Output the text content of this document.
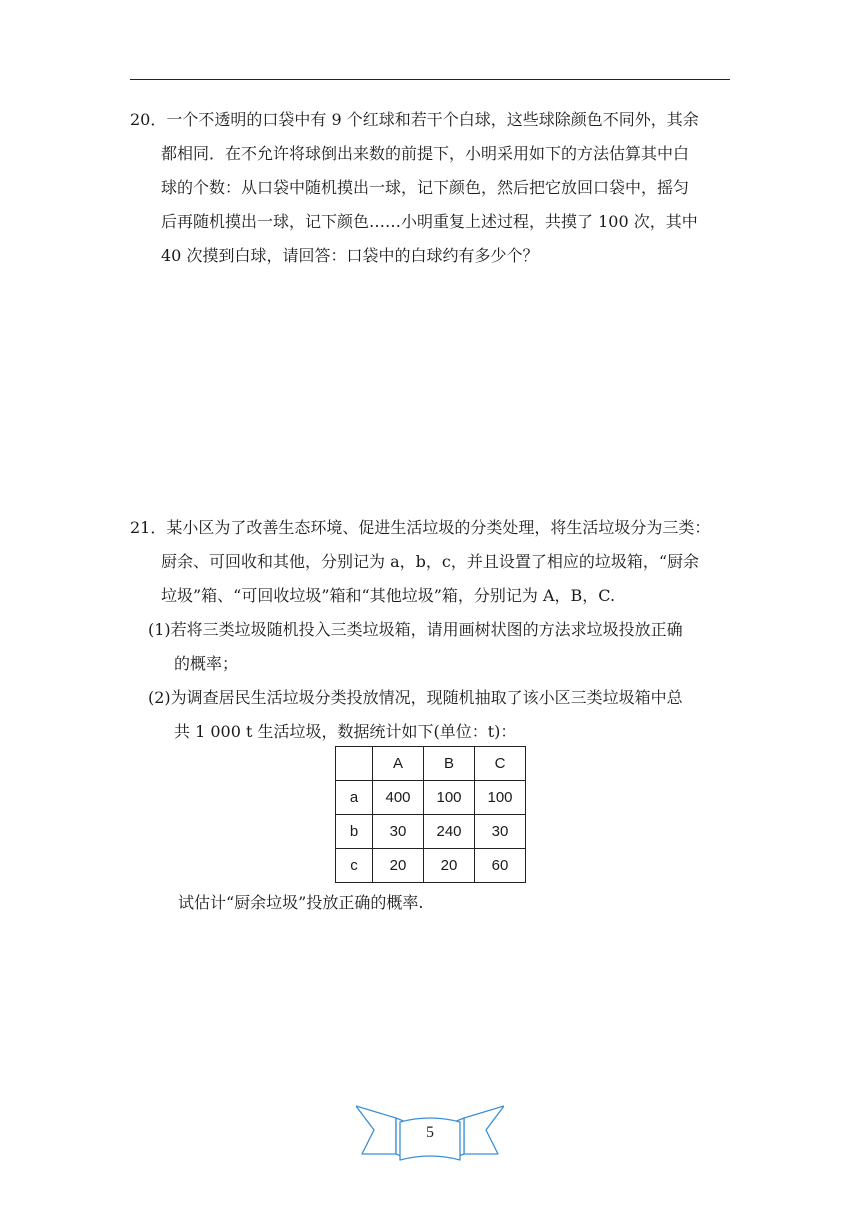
20．一个不透明的口袋中有 9 个红球和若干个白球，这些球除颜色不同外，其余
都相同．在不允许将球倒出来数的前提下，小明采用如下的方法估算其中白
球的个数：从口袋中随机摸出一球，记下颜色，然后把它放回口袋中，摇匀
后再随机摸出一球，记下颜色……小明重复上述过程，共摸了 100 次，其中
40 次摸到白球，请回答：口袋中的白球约有多少个？
21．某小区为了改善生态环境、促进生活垃圾的分类处理，将生活垃圾分为三类：
厨余、可回收和其他，分别记为 a，b，c，并且设置了相应的垃圾箱，“厨余
垃圾”箱、“可回收垃圾”箱和“其他垃圾”箱，分别记为 A，B，C.
(1)若将三类垃圾随机投入三类垃圾箱，请用画树状图的方法求垃圾投放正确
的概率；
(2)为调查居民生活垃圾分类投放情况，现随机抽取了该小区三类垃圾箱中总
共 1 000 t 生活垃圾，数据统计如下(单位：t)：
	A	B	C
a	400	100	100
b	30	240	30
c	20	20	60
试估计“厨余垃圾”投放正确的概率.
5
